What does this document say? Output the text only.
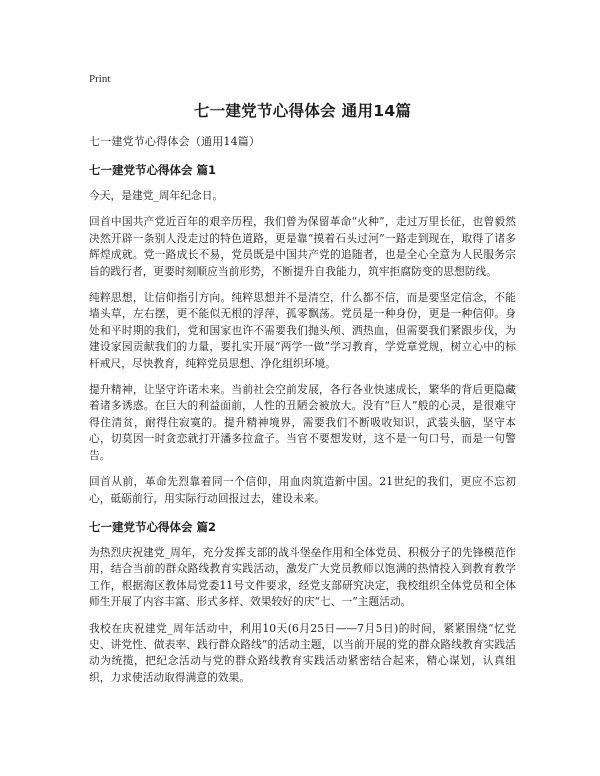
Print
七一建党节心得体会 通用14篇
七一建党节心得体会（通用14篇）
七一建党节心得体会 篇1

今天，是建党_周年纪念日。

回首中国共产党近百年的艰辛历程，我们曾为保留革命“火种”，走过万里长征，也曾毅然决然开辟一条别人没走过的特色道路，更是靠“摸着石头过河”一路走到现在，取得了诸多辉煌成就。党一路成长不易，党员既是中国共产党的追随者，也是全心全意为人民服务宗旨的践行者，更要时刻顺应当前形势，不断提升自我能力，筑牢拒腐防变的思想防线。

纯粹思想，让信仰指引方向。纯粹思想并不是清空，什么都不信，而是要坚定信念，不能墙头草，左右摆，更不能似无根的浮萍，孤零飘荡。党员是一种身份，更是一种信仰。身处和平时期的我们，党和国家也许不需要我们抛头颅、洒热血，但需要我们紧跟步伐，为建设家园贡献我们的力量，要扎实开展“两学一做”学习教育，学党章党规，树立心中的标杆戒尺，尽快教育，纯粹党员思想、净化组织环境。

提升精神，让坚守许诺未来。当前社会空前发展，各行各业快速成长，繁华的背后更隐藏着诸多诱惑。在巨大的利益面前，人性的丑陋会被放大。没有“巨人”般的心灵，是很难守得住清贫，耐得住寂寞的。提升精神境界，需要我们不断吸收知识，武装头脑，坚守本心，切莫因一时贪恋就打开潘多拉盒子。当官不要想发财，这不是一句口号，而是一句警告。

回首从前，革命先烈靠着同一个信仰，用血肉筑造新中国。21世纪的我们，更应不忘初心，砥砺前行，用实际行动回报过去，建设未来。

七一建党节心得体会 篇2

为热烈庆祝建党_周年，充分发挥支部的战斗堡垒作用和全体党员、积极分子的先锋模范作用，结合当前的群众路线教育实践活动，激发广大党员教师以饱满的热情投入到教育教学工作，根据海区教体局党委11号文件要求，经党支部研究决定，我校组织全体党员和全体师生开展了内容丰富、形式多样、效果较好的庆“七、一”主题活动。

我校在庆祝建党_周年活动中，利用10天(6月25日——7月5日)的时间，紧紧围绕“忆党史、讲党性、做表率、践行群众路线”的活动主题，以当前开展的党的群众路线教育实践活动为统揽，把纪念活动与党的群众路线教育实践活动紧密结合起来，精心谋划，认真组织，力求使活动取得满意的效果。
